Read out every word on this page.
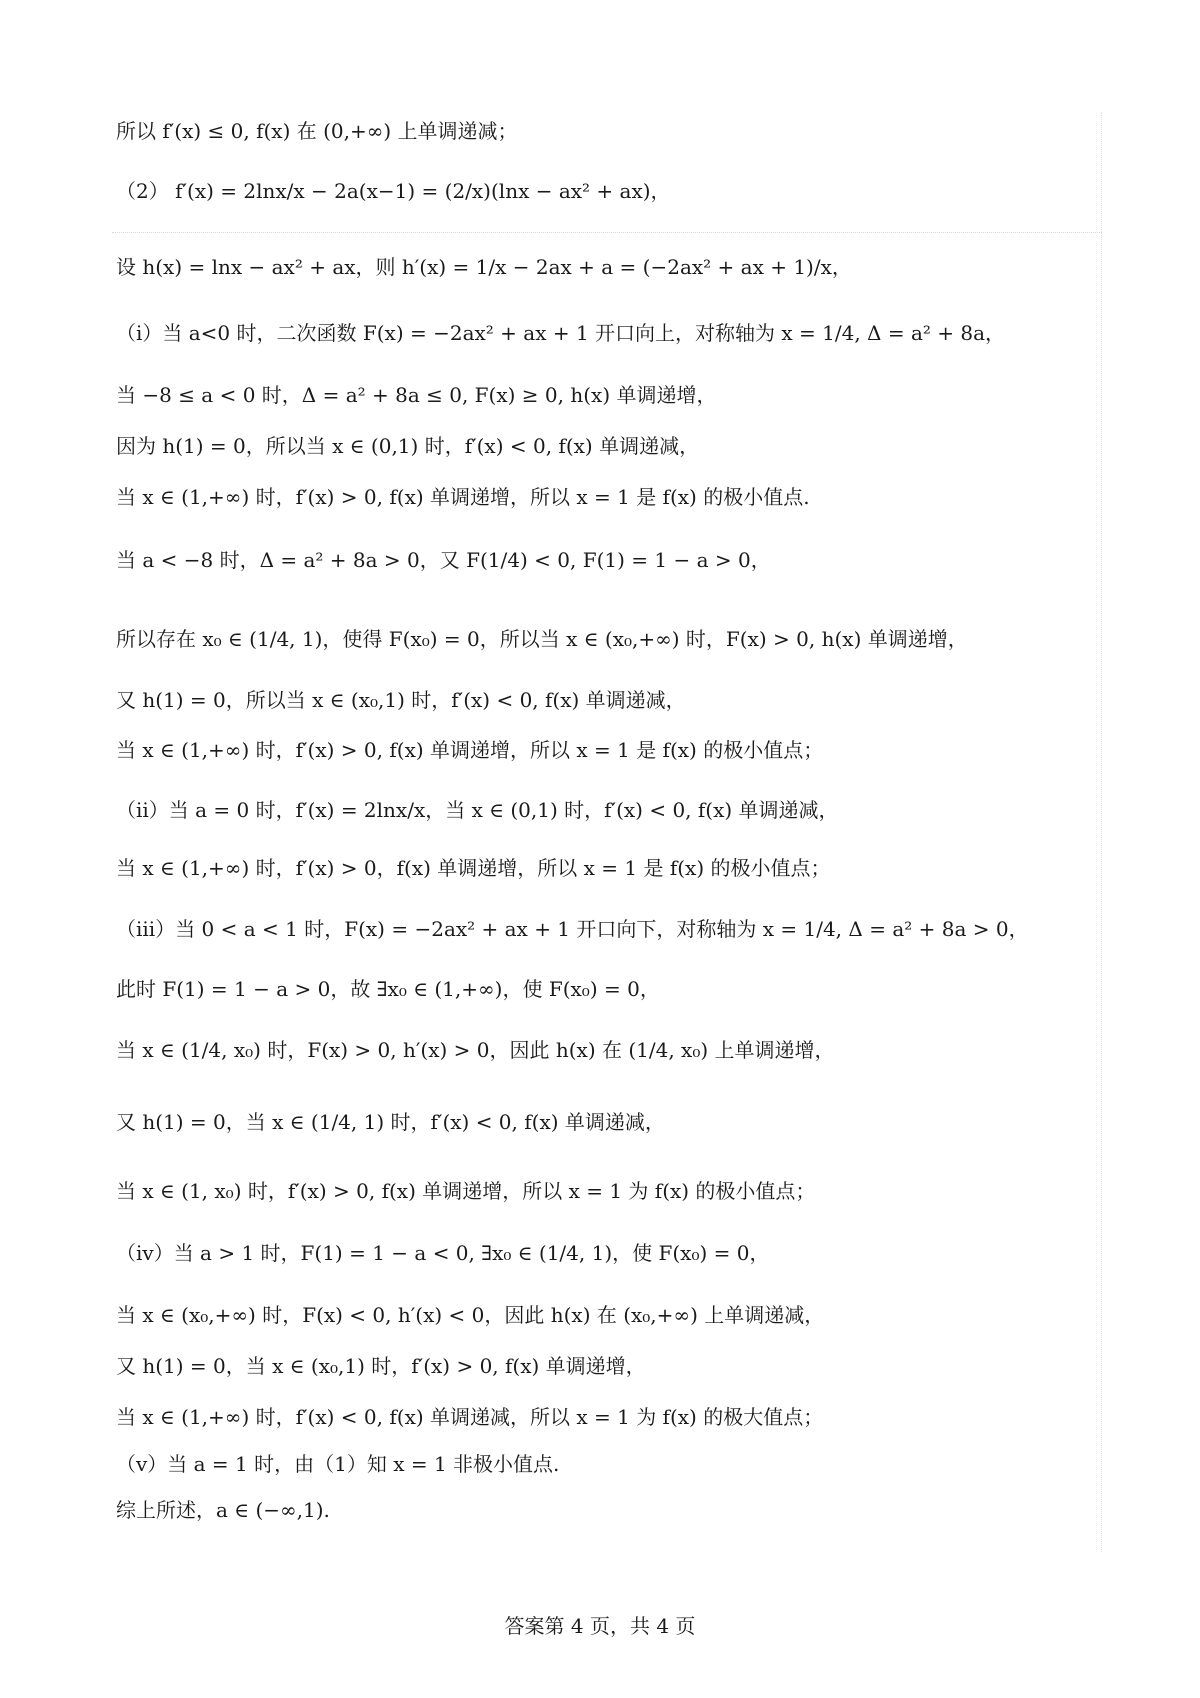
所以 f′(x) ≤ 0, f(x) 在 (0,+∞) 上单调递减；
（2） f′(x) = 2lnx/x − 2a(x−1) = (2/x)(lnx − ax² + ax)，
设 h(x) = lnx − ax² + ax，则 h′(x) = 1/x − 2ax + a = (−2ax² + ax + 1)/x，
（i）当 a<0 时，二次函数 F(x) = −2ax² + ax + 1 开口向上，对称轴为 x = 1/4, Δ = a² + 8a，
当 −8 ≤ a < 0 时，Δ = a² + 8a ≤ 0, F(x) ≥ 0, h(x) 单调递增，
因为 h(1) = 0，所以当 x ∈ (0,1) 时，f′(x) < 0, f(x) 单调递减，
当 x ∈ (1,+∞) 时，f′(x) > 0, f(x) 单调递增，所以 x = 1 是 f(x) 的极小值点.
当 a < −8 时，Δ = a² + 8a > 0，又 F(1/4) < 0, F(1) = 1 − a > 0，
所以存在 x₀ ∈ (1/4, 1)，使得 F(x₀) = 0，所以当 x ∈ (x₀,+∞) 时，F(x) > 0, h(x) 单调递增，
又 h(1) = 0，所以当 x ∈ (x₀,1) 时，f′(x) < 0, f(x) 单调递减，
当 x ∈ (1,+∞) 时，f′(x) > 0, f(x) 单调递增，所以 x = 1 是 f(x) 的极小值点；
（ii）当 a = 0 时，f′(x) = 2lnx/x，当 x ∈ (0,1) 时，f′(x) < 0, f(x) 单调递减，
当 x ∈ (1,+∞) 时，f′(x) > 0，f(x) 单调递增，所以 x = 1 是 f(x) 的极小值点；
（iii）当 0 < a < 1 时，F(x) = −2ax² + ax + 1 开口向下，对称轴为 x = 1/4, Δ = a² + 8a > 0，
此时 F(1) = 1 − a > 0，故 ∃x₀ ∈ (1,+∞)，使 F(x₀) = 0，
当 x ∈ (1/4, x₀) 时，F(x) > 0, h′(x) > 0，因此 h(x) 在 (1/4, x₀) 上单调递增，
又 h(1) = 0，当 x ∈ (1/4, 1) 时，f′(x) < 0, f(x) 单调递减，
当 x ∈ (1, x₀) 时，f′(x) > 0, f(x) 单调递增，所以 x = 1 为 f(x) 的极小值点；
（iv）当 a > 1 时，F(1) = 1 − a < 0, ∃x₀ ∈ (1/4, 1)，使 F(x₀) = 0，
当 x ∈ (x₀,+∞) 时，F(x) < 0, h′(x) < 0，因此 h(x) 在 (x₀,+∞) 上单调递减，
又 h(1) = 0，当 x ∈ (x₀,1) 时，f′(x) > 0, f(x) 单调递增，
当 x ∈ (1,+∞) 时，f′(x) < 0, f(x) 单调递减，所以 x = 1 为 f(x) 的极大值点；
（v）当 a = 1 时，由（1）知 x = 1 非极小值点.
综上所述，a ∈ (−∞,1).
答案第 4 页，共 4 页
